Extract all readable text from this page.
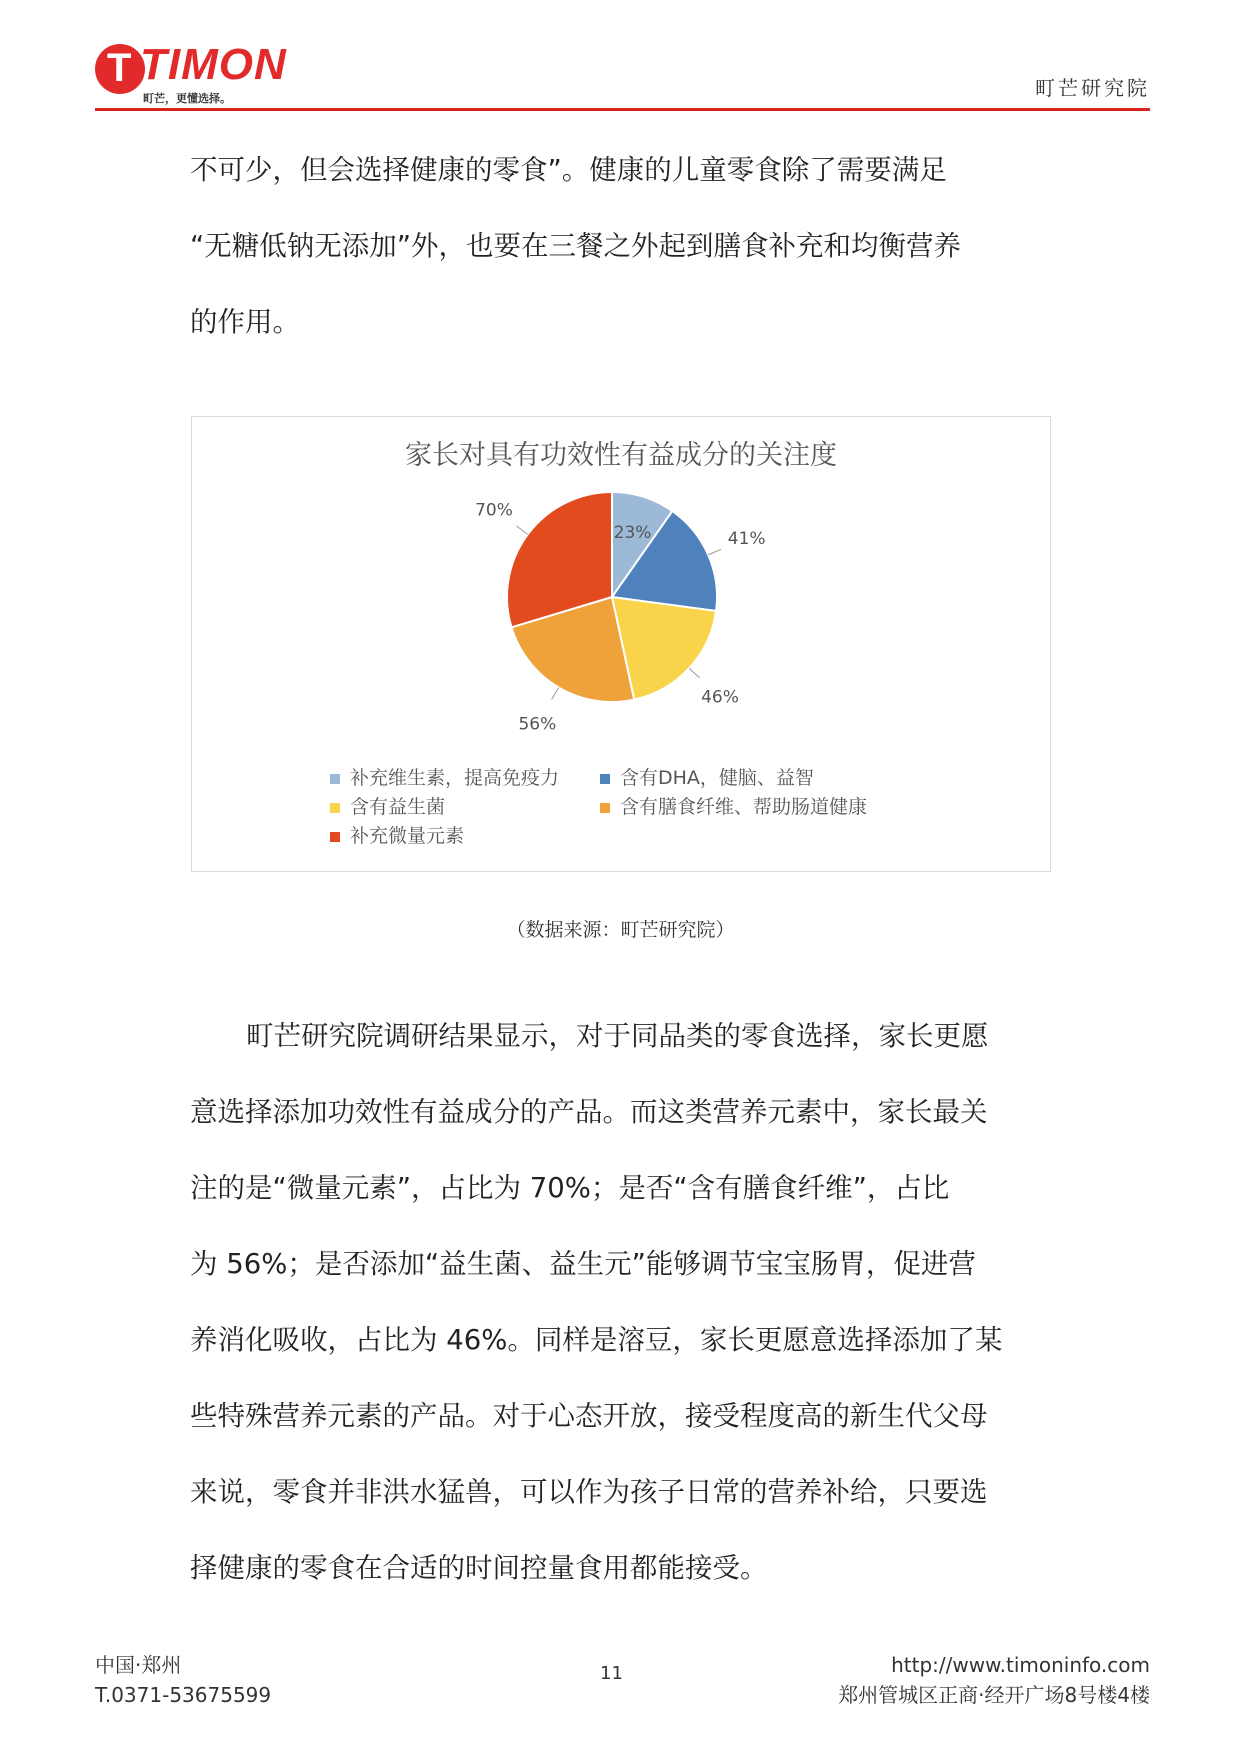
T TIMON
町芒，更懂选择。	町芒研究院

不可少，但会选择健康的零食”。健康的儿童零食除了需要满足

“无糖低钠无添加”外，也要在三餐之外起到膳食补充和均衡营养

的作用。

家长对具有功效性有益成分的关注度
23%	41%
46%
56%
70%
补充维生素，提高免疫力	含有DHA，健脑、益智
含有益生菌	含有膳食纤维、帮助肠道健康
补充微量元素
（数据来源：町芒研究院）

町芒研究院调研结果显示，对于同品类的零食选择，家长更愿

意选择添加功效性有益成分的产品。而这类营养元素中，家长最关

注的是“微量元素”，占比为 70%；是否“含有膳食纤维”，占比

为 56%；是否添加“益生菌、益生元”能够调节宝宝肠胃，促进营

养消化吸收，占比为 46%。同样是溶豆，家长更愿意选择添加了某

些特殊营养元素的产品。对于心态开放，接受程度高的新生代父母

来说，零食并非洪水猛兽，可以作为孩子日常的营养补给，只要选

择健康的零食在合适的时间控量食用都能接受。

中国·郑州
T.0371-53675599
11	http://www.timoninfo.com
郑州管城区正商·经开广场8号楼4楼
